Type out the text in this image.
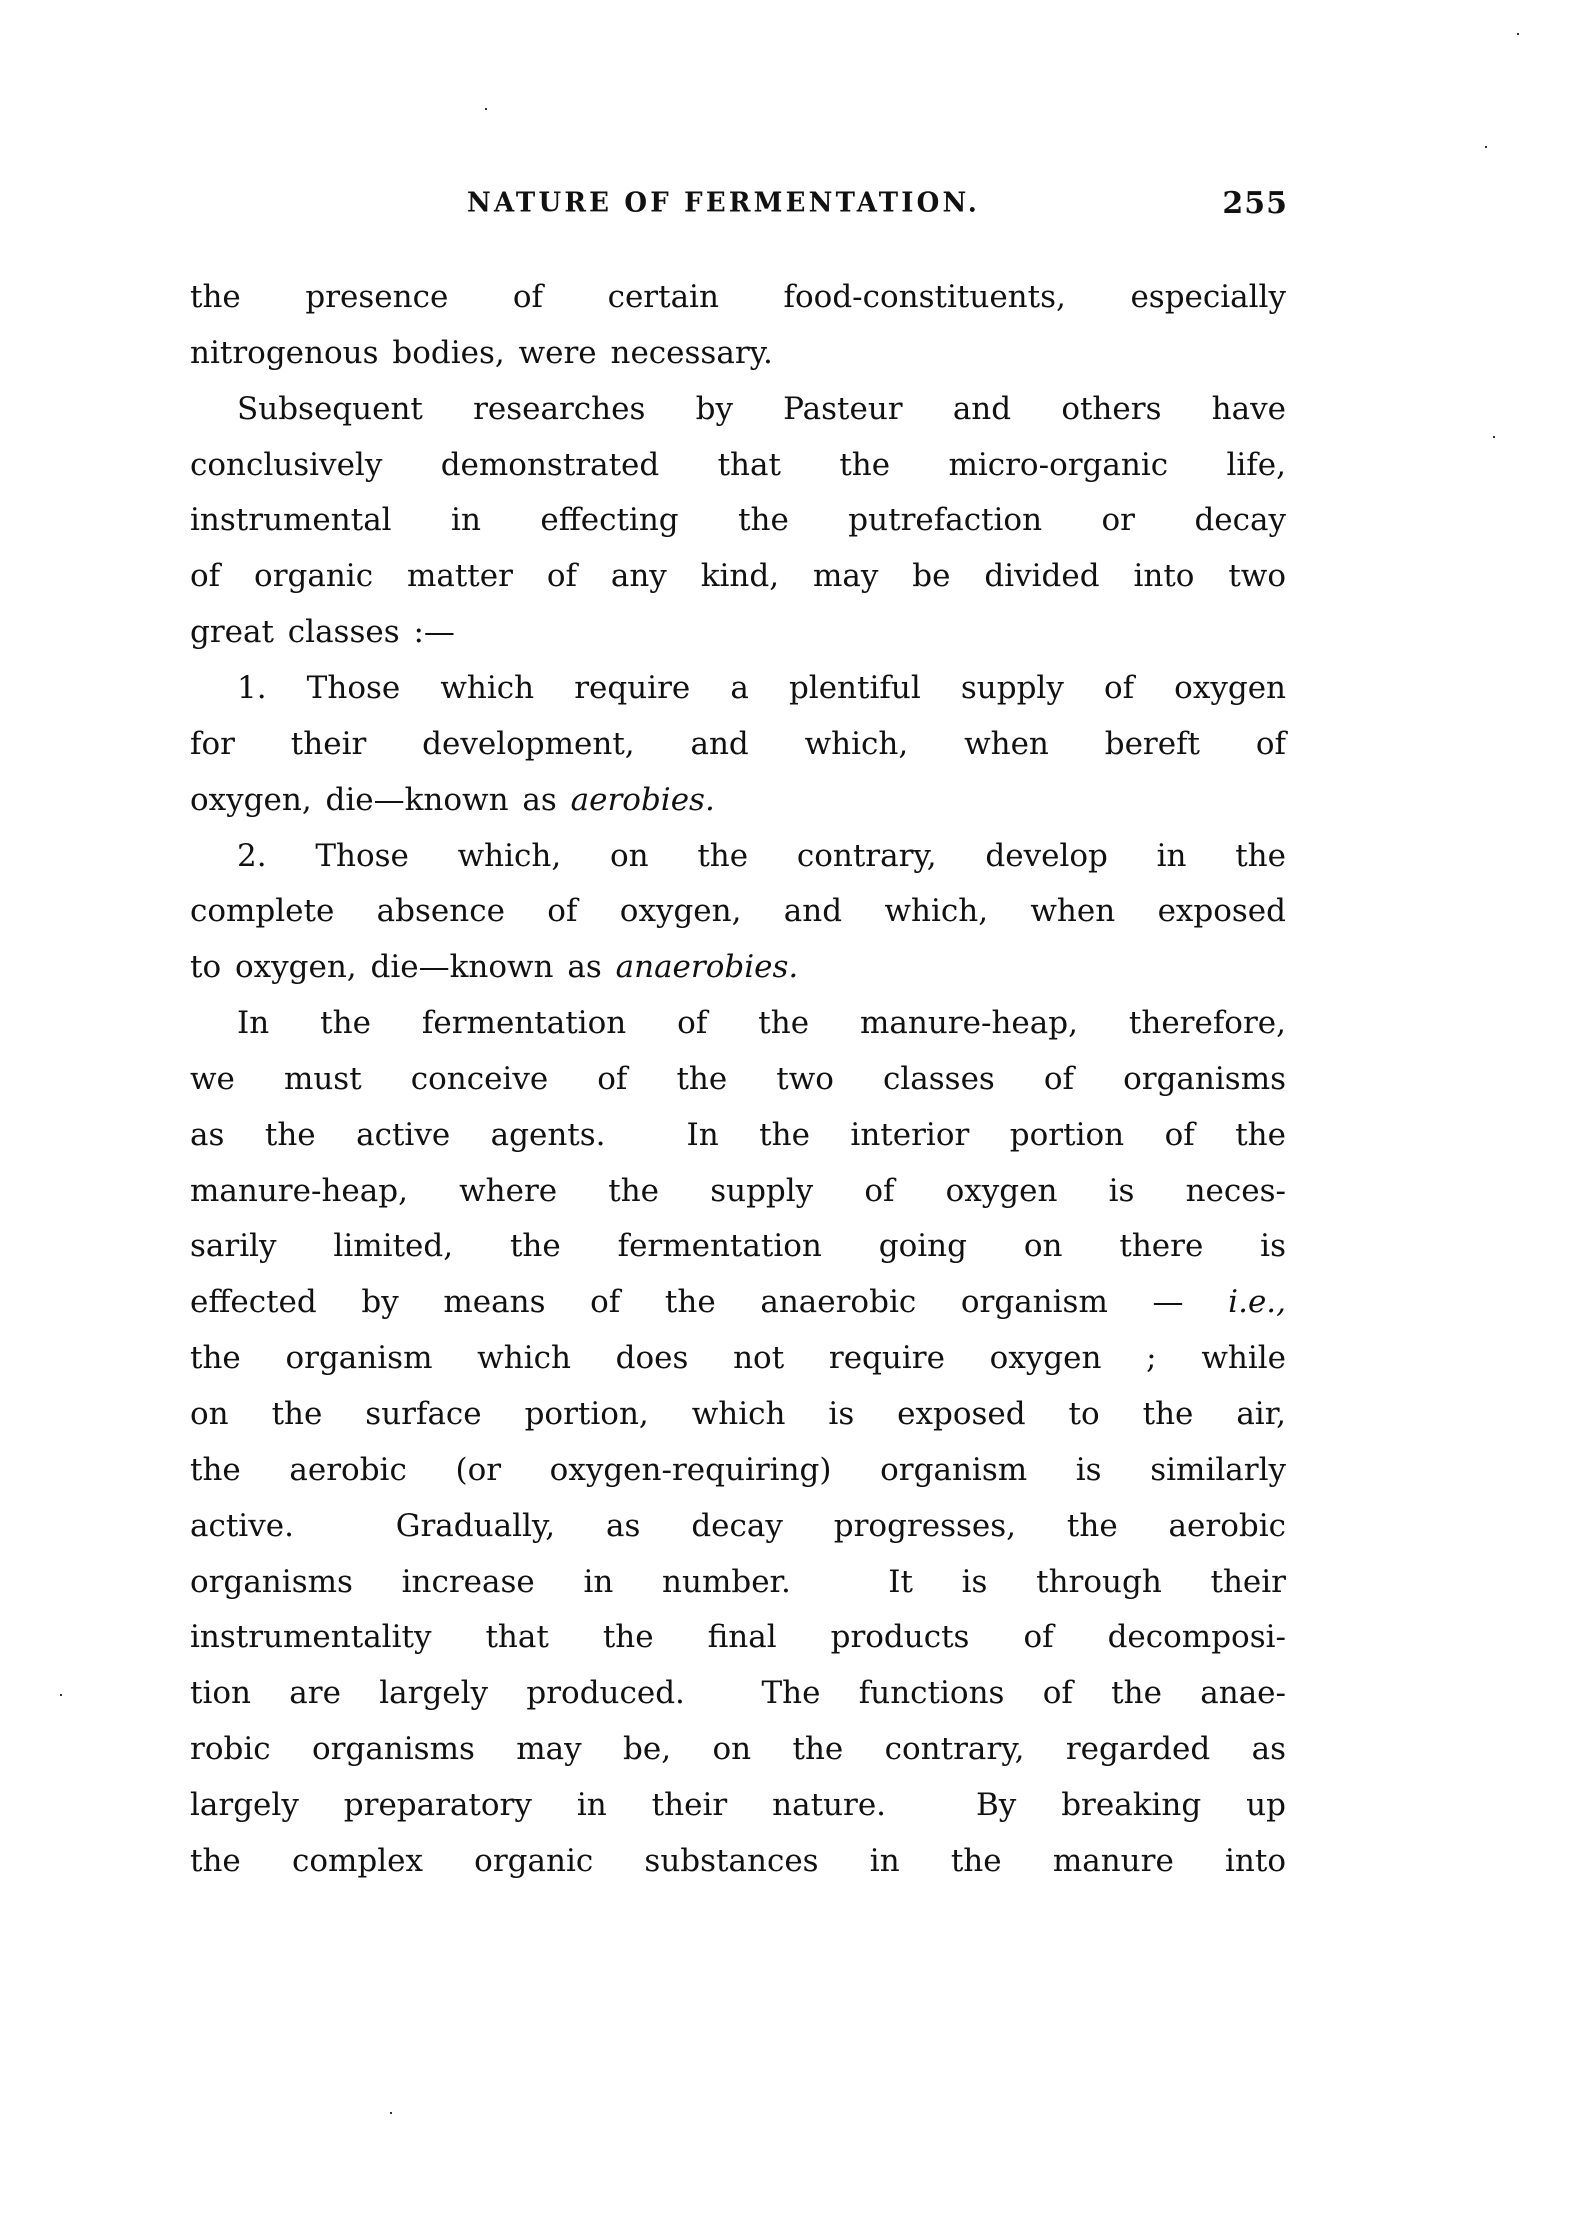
NATURE OF FERMENTATION.	255
the presence of certain food-constituents, especially
nitrogenous bodies, were necessary.
Subsequent researches by Pasteur and others have
conclusively demonstrated that the micro-organic life,
instrumental in effecting the putrefaction or decay
of organic matter of any kind, may be divided into two
great classes :—
1. Those which require a plentiful supply of oxygen
for their development, and which, when bereft of
oxygen, die—known as aerobies.
2. Those which, on the contrary, develop in the
complete absence of oxygen, and which, when exposed
to oxygen, die—known as anaerobies.
In the fermentation of the manure-heap, therefore,
we must conceive of the two classes of organisms
as the active agents.  In the interior portion of the
manure-heap, where the supply of oxygen is neces-
sarily limited, the fermentation going on there is
effected by means of the anaerobic organism — i.e.,
the organism which does not require oxygen ; while
on the surface portion, which is exposed to the air,
the aerobic (or oxygen-requiring) organism is similarly
active.  Gradually, as decay progresses, the aerobic
organisms increase in number.  It is through their
instrumentality that the final products of decomposi-
tion are largely produced.  The functions of the anae-
robic organisms may be, on the contrary, regarded as
largely preparatory in their nature.  By breaking up
the complex organic substances in the manure into
